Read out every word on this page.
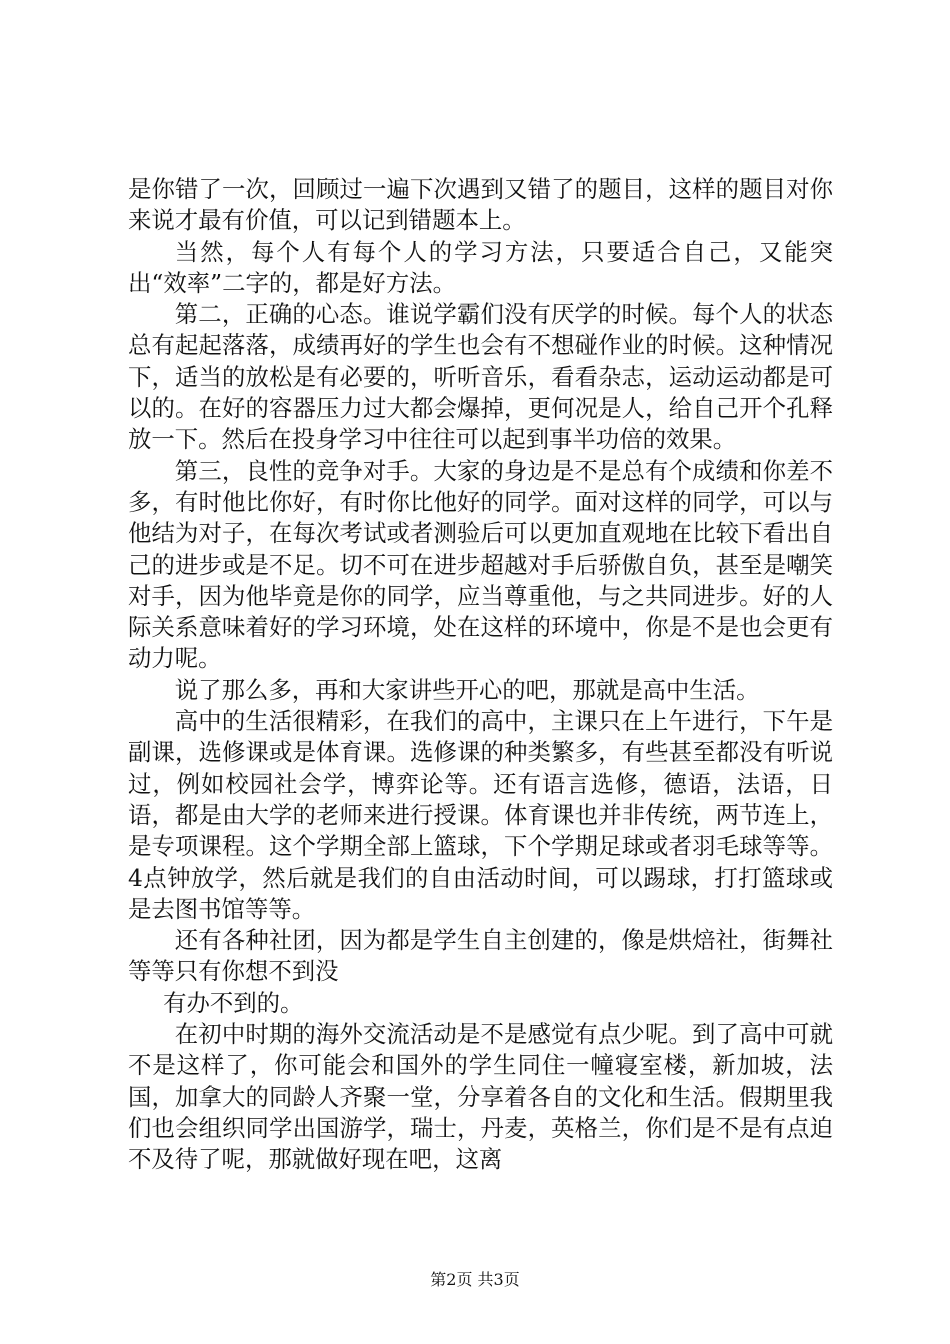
是你错了一次，回顾过一遍下次遇到又错了的题目，这样的题目对你来说才最有价值，可以记到错题本上。

当然，每个人有每个人的学习方法，只要适合自己，又能突出“效率”二字的，都是好方法。

第二，正确的心态。谁说学霸们没有厌学的时候。每个人的状态总有起起落落，成绩再好的学生也会有不想碰作业的时候。这种情况下，适当的放松是有必要的，听听音乐，看看杂志，运动运动都是可以的。在好的容器压力过大都会爆掉，更何况是人，给自己开个孔释放一下。然后在投身学习中往往可以起到事半功倍的效果。

第三，良性的竞争对手。大家的身边是不是总有个成绩和你差不多，有时他比你好，有时你比他好的同学。面对这样的同学，可以与他结为对子，在每次考试或者测验后可以更加直观地在比较下看出自己的进步或是不足。切不可在进步超越对手后骄傲自负，甚至是嘲笑对手，因为他毕竟是你的同学，应当尊重他，与之共同进步。好的人际关系意味着好的学习环境，处在这样的环境中，你是不是也会更有动力呢。

说了那么多，再和大家讲些开心的吧，那就是高中生活。

高中的生活很精彩，在我们的高中，主课只在上午进行，下午是副课，选修课或是体育课。选修课的种类繁多，有些甚至都没有听说过，例如校园社会学，博弈论等。还有语言选修，德语，法语，日语，都是由大学的老师来进行授课。体育课也并非传统，两节连上，是专项课程。这个学期全部上篮球，下个学期足球或者羽毛球等等。4点钟放学，然后就是我们的自由活动时间，可以踢球，打打篮球或是去图书馆等等。

还有各种社团，因为都是学生自主创建的，像是烘焙社，街舞社等等只有你想不到没

有办不到的。

在初中时期的海外交流活动是不是感觉有点少呢。到了高中可就不是这样了，你可能会和国外的学生同住一幢寝室楼，新加坡，法国，加拿大的同龄人齐聚一堂，分享着各自的文化和生活。假期里我们也会组织同学出国游学，瑞士，丹麦，英格兰，你们是不是有点迫不及待了呢，那就做好现在吧，这离

第2页 共3页
